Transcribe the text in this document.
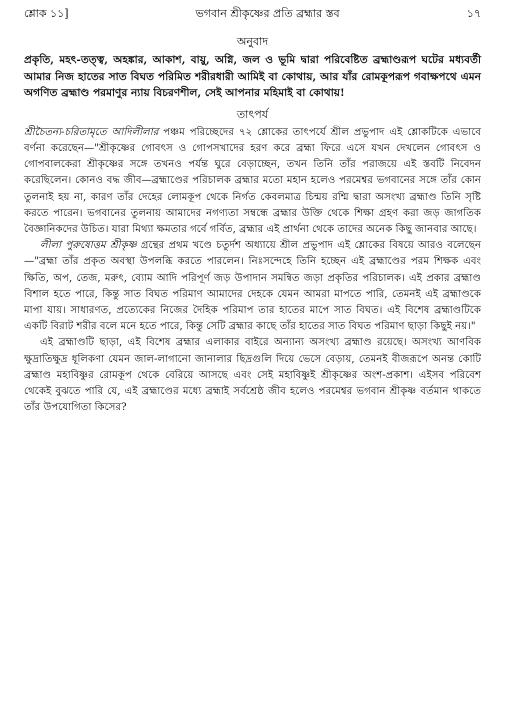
শ্লোক ১১]	ভগবান শ্রীকৃষ্ণের প্রতি ব্রহ্মার স্তব	১৭
অনুবাদ

প্রকৃতি, মহৎ-তত্ত্ব, অহঙ্কার, আকাশ, বায়ু, অগ্নি, জল ও ভূমি দ্বারা পরিবেষ্টিত ব্রহ্মাণ্ডরূপ ঘটের মধ্যবর্তী আমার নিজ হাতের সাত বিঘত পরিমিত শরীরধারী আমিই বা কোথায়, আর যাঁর রোমকূপরূপ গবাক্ষপথে এমন অগণিত ব্রহ্মাণ্ড পরমাণুর ন্যায় বিচরণশীল, সেই আপনার মহিমাই বা কোথায়!

তাৎপর্য

শ্রীচৈতন্য-চরিতামৃতে আদিলীলার পঞ্চম পরিচ্ছেদের ৭২ শ্লোকের তাৎপর্যে শ্রীল প্রভুপাদ এই শ্লোকটিকে এভাবে বর্ণনা করেছেন—"শ্রীকৃষ্ণের গোবৎস ও গোপসখাদের হরণ করে ব্রহ্মা ফিরে এসে যখন দেখলেন গোবৎস ও গোপবালকেরা শ্রীকৃষ্ণের সঙ্গে তখনও পর্যন্ত ঘুরে বেড়াচ্ছেন, তখন তিনি তাঁর পরাজয়ে এই স্তবটি নিবেদন করেছিলেন। কোনও বদ্ধ জীব—ব্রহ্মাণ্ডের পরিচালক ব্রহ্মার মতো মহান হলেও পরমেশ্বর ভগবানের সঙ্গে তাঁর কোন তুলনাই হয় না, কারণ তাঁর দেহের লোমকূপ থেকে নির্গত কেবলমাত্র চিন্ময় রশ্মি দ্বারা অসংখ্য ব্রহ্মাণ্ড তিনি সৃষ্টি করতে পারেন। ভগবানের তুলনায় আমাদের নগণ্যতা সম্বন্ধে ব্রহ্মার উক্তি থেকে শিক্ষা গ্রহণ করা জড় জাগতিক বৈজ্ঞানিকদের উচিত। যারা মিথ্যা ক্ষমতার গর্বে গর্বিত, ব্রহ্মার এই প্রার্থনা থেকে তাদের অনেক কিছু জানবার আছে।

লীলা পুরুষোত্তম শ্রীকৃষ্ণ গ্রন্থের প্রথম খণ্ডে চতুর্দশ অধ্যায়ে শ্রীল প্রভুপাদ এই শ্লোকের বিষয়ে আরও বলেছেন—"ব্রহ্মা তাঁর প্রকৃত অবস্থা উপলব্ধি করতে পারলেন। নিঃসন্দেহে তিনি হচ্ছেন এই ব্রহ্মাণ্ডের পরম শিক্ষক এবং ক্ষিতি, অপ, তেজ, মরুৎ, ব্যোম আদি পরিপূর্ণ জড় উপাদান সমন্বিত জড়া প্রকৃতির পরিচালক। এই প্রকার ব্রহ্মাণ্ড বিশাল হতে পারে, কিন্তু সাত বিঘত পরিমাণ আমাদের দেহকে যেমন আমরা মাপতে পারি, তেমনই এই ব্রহ্মাণ্ডকে মাপা যায়। সাধারণত, প্রত্যেকের নিজের দৈহিক পরিমাপ তার হাতের মাপে সাত বিঘত। এই বিশেষ ব্রহ্মাণ্ডটিকে একটি বিরাট শরীর বলে মনে হতে পারে, কিন্তু সেটি ব্রহ্মার কাছে তাঁর হাতের সাত বিঘত পরিমাণ ছাড়া কিছুই নয়।"

এই ব্রহ্মাণ্ডটি ছাড়া, এই বিশেষ ব্রহ্মার এলাকার বাইরে অন্যান্য অসংখ্য ব্রহ্মাণ্ড রয়েছে। অসংখ্য আণবিক ক্ষুদ্রাতিক্ষুদ্র ধূলিকণা যেমন জাল-লাগানো জানালার ছিদ্রগুলি দিয়ে ভেসে বেড়ায়, তেমনই বীজরূপে অনন্ত কোটি ব্রহ্মাণ্ড মহাবিষ্ণুর রোমকূপ থেকে বেরিয়ে আসছে এবং সেই মহাবিষ্ণুই শ্রীকৃষ্ণের অংশ-প্রকাশ। এইসব পরিবেশ থেকেই বুঝতে পারি যে, এই ব্রহ্মাণ্ডের মধ্যে ব্রহ্মাই সর্বশ্রেষ্ঠ জীব হলেও পরমেশ্বর ভগবান শ্রীকৃষ্ণ বর্তমান থাকতে তাঁর উপযোগিতা কিসের?
